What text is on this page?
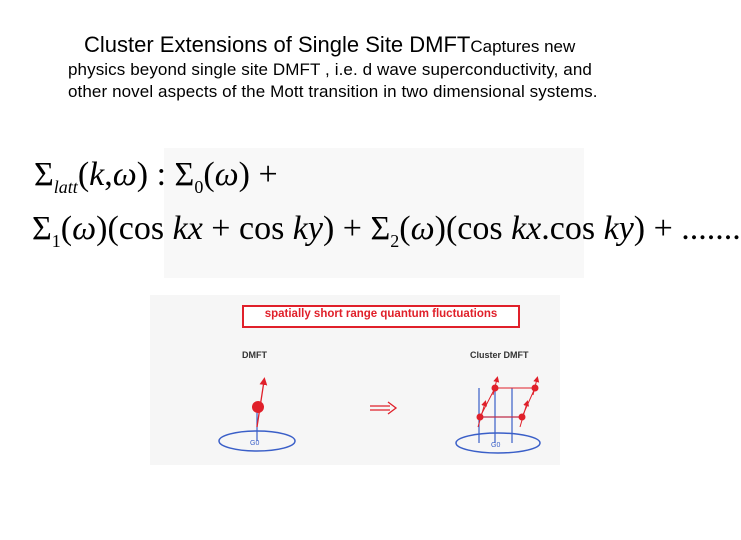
Cluster Extensions of Single Site DMFTCaptures new
physics beyond single site DMFT , i.e. d wave superconductivity, and
other novel aspects of the Mott transition in two dimensional systems.
$\Sigma_{latt}(k,\omega)$ : $\Sigma_0(\omega)$ +
$\Sigma_1(\omega)(\cos$ kx + $\cos ky) + \Sigma_2(\omega)(\cos$ kx.cos ky) + .......
spatially short range quantum fluctuations
DMFT	Cluster DMFT
G0	G0
